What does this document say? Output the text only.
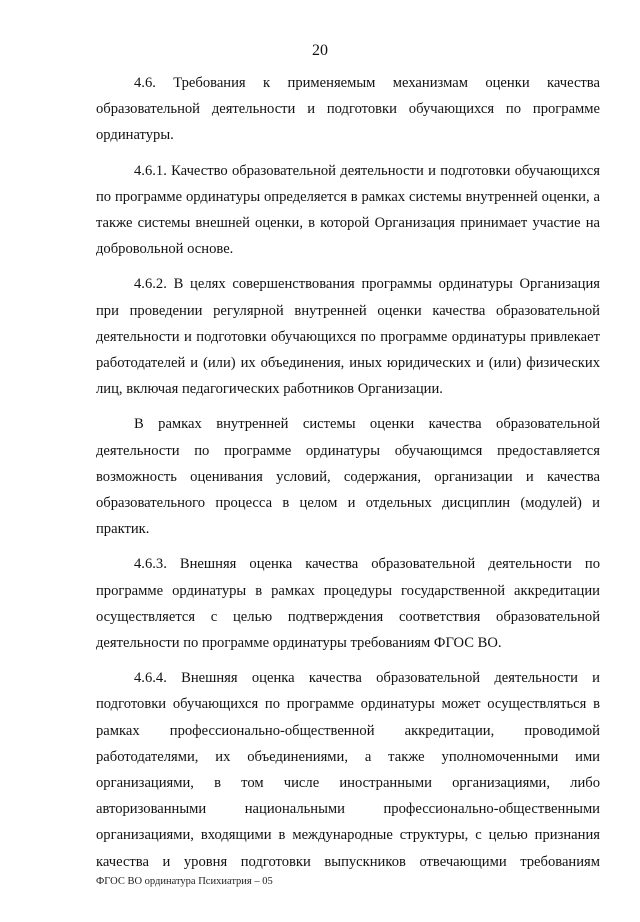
20

4.6. Требования к применяемым механизмам оценки качества образовательной деятельности и подготовки обучающихся по программе ординатуры.

4.6.1. Качество образовательной деятельности и подготовки обучающихся по программе ординатуры определяется в рамках системы внутренней оценки, а также системы внешней оценки, в которой Организация принимает участие на добровольной основе.

4.6.2. В целях совершенствования программы ординатуры Организация при проведении регулярной внутренней оценки качества образовательной деятельности и подготовки обучающихся по программе ординатуры привлекает работодателей и (или) их объединения, иных юридических и (или) физических лиц, включая педагогических работников Организации.

В рамках внутренней системы оценки качества образовательной деятельности по программе ординатуры обучающимся предоставляется возможность оценивания условий, содержания, организации и качества образовательного процесса в целом и отдельных дисциплин (модулей) и практик.

4.6.3. Внешняя оценка качества образовательной деятельности по программе ординатуры в рамках процедуры государственной аккредитации осуществляется с целью подтверждения соответствия образовательной деятельности по программе ординатуры требованиям ФГОС ВО.

4.6.4. Внешняя оценка качества образовательной деятельности и подготовки обучающихся по программе ординатуры может осуществляться в рамках профессионально-общественной аккредитации, проводимой работодателями, их объединениями, а также уполномоченными ими организациями, в том числе иностранными организациями, либо авторизованными национальными профессионально-общественными организациями, входящими в международные структуры, с целью признания качества и уровня подготовки выпускников отвечающими требованиям

ФГОС ВО ординатура Психиатрия – 05
